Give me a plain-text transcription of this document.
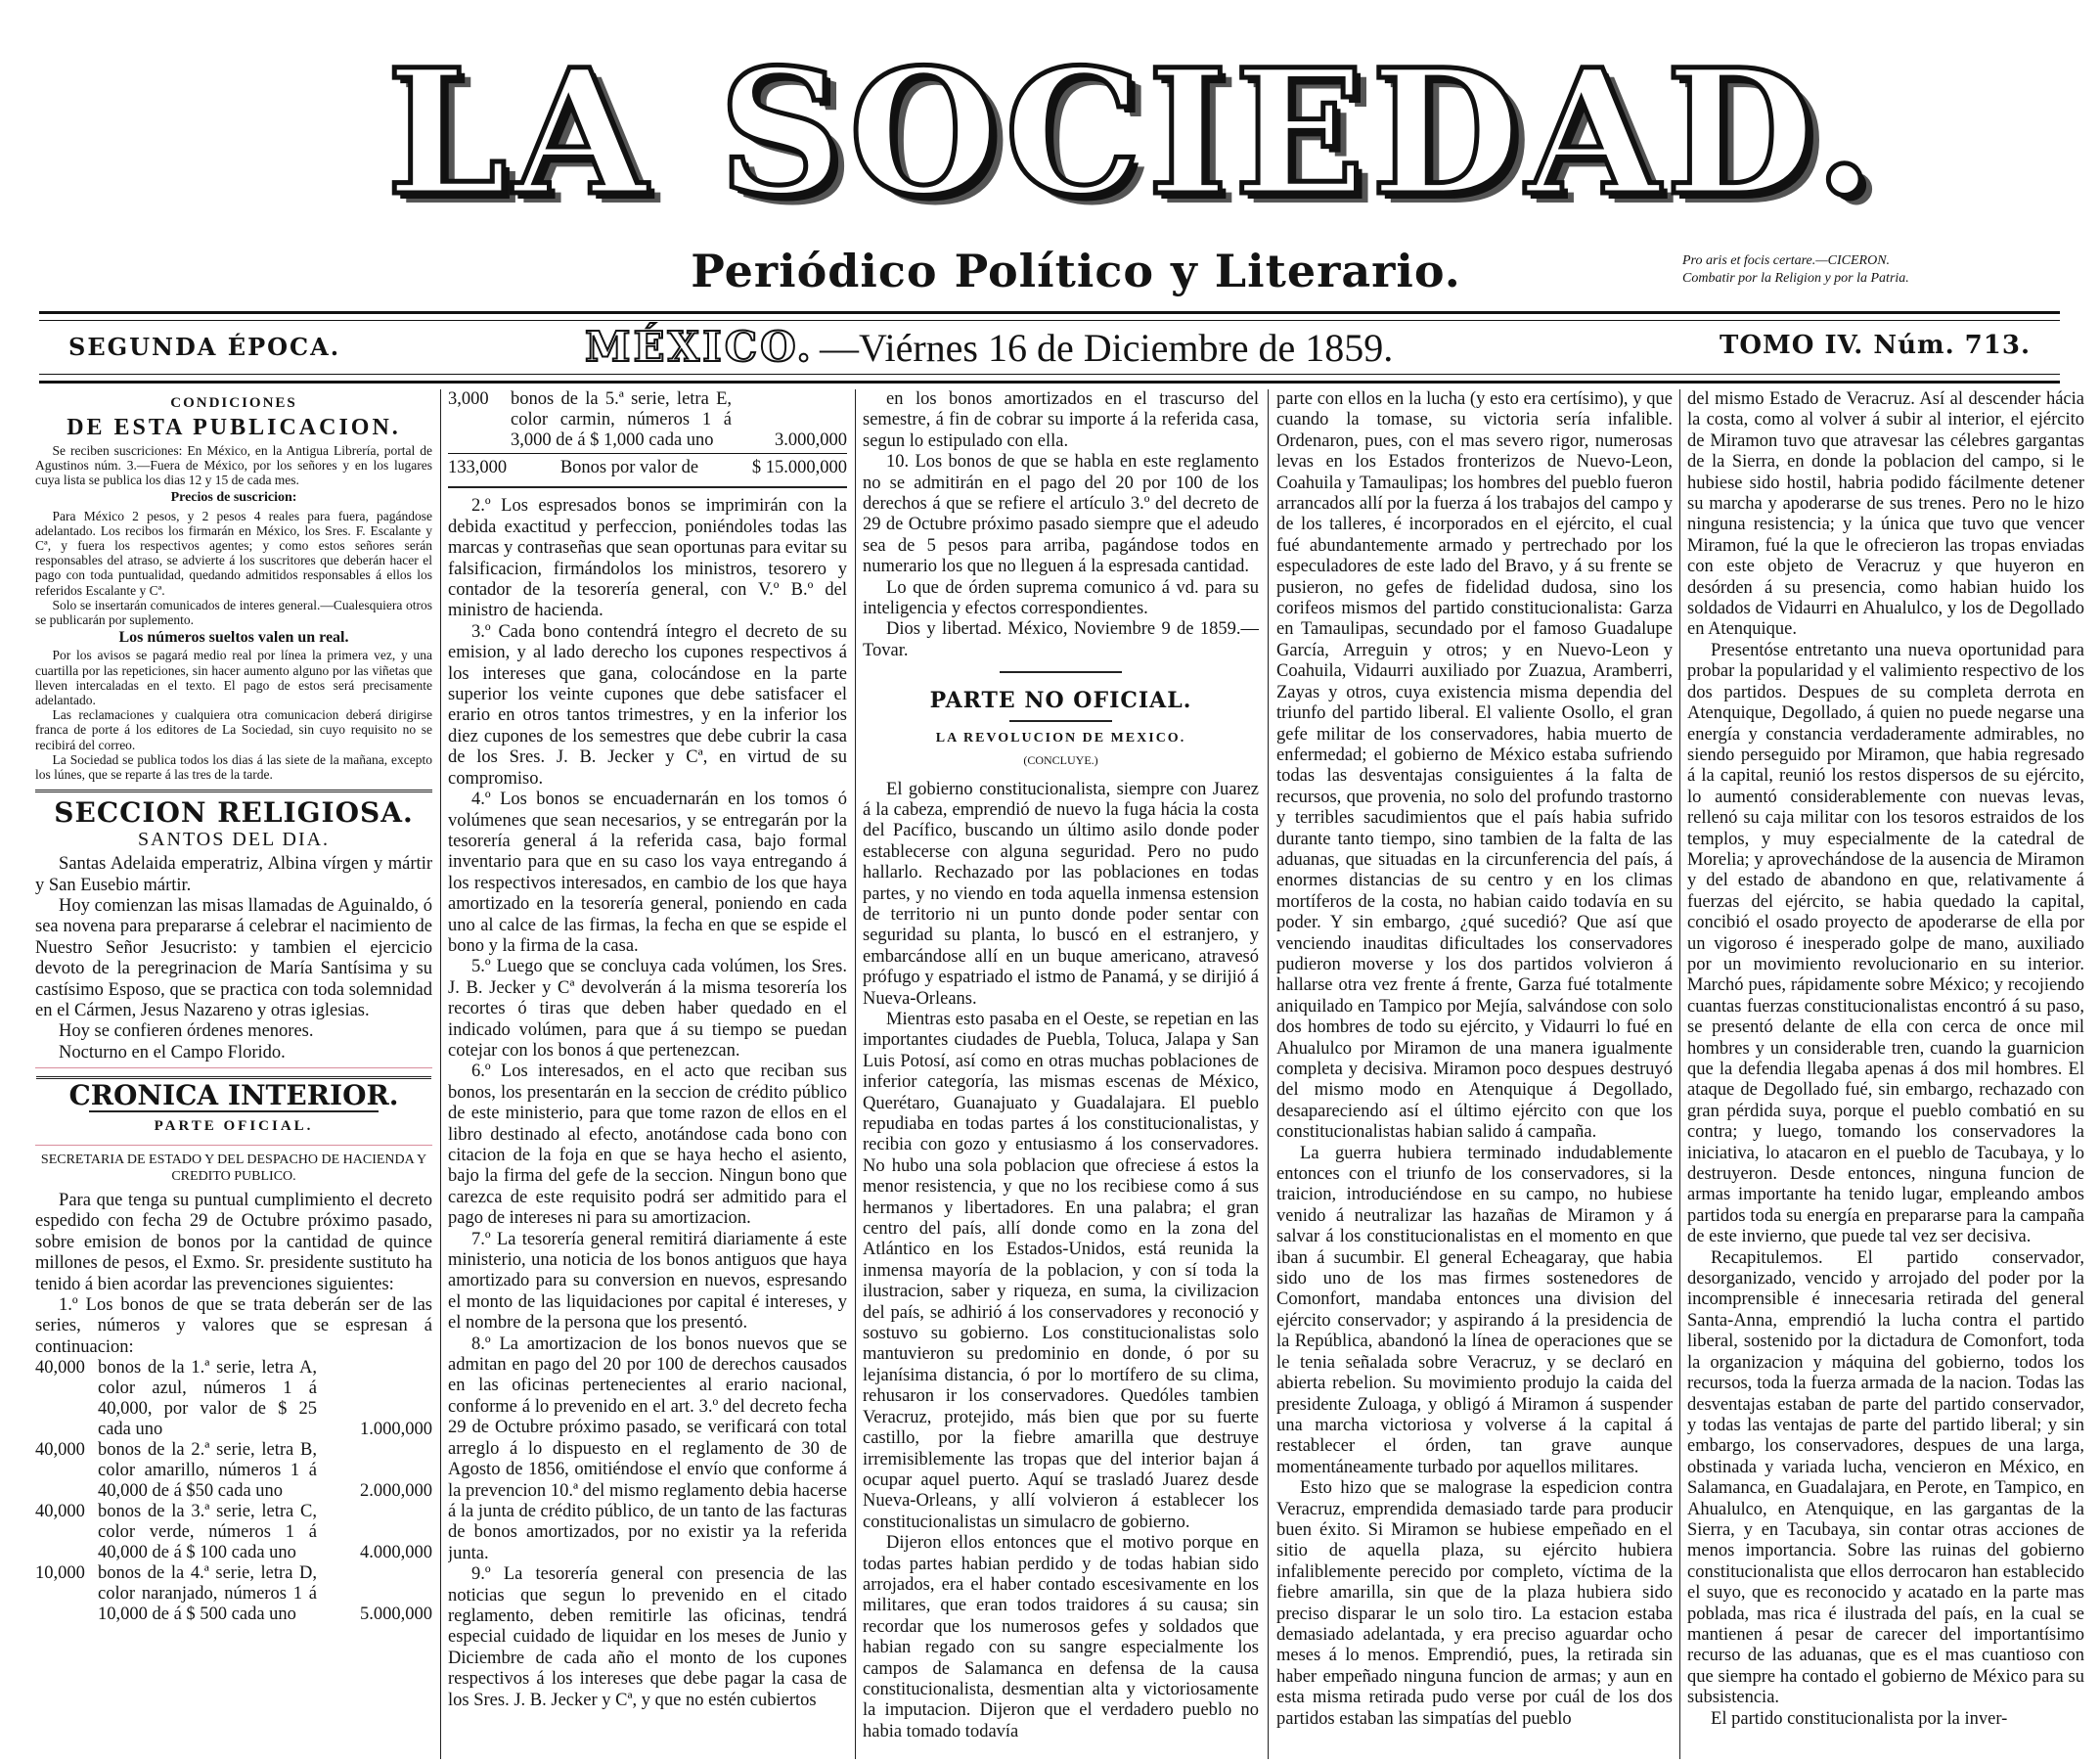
LA SOCIEDAD.
Periódico Político y Literario.	Pro aris et focis certare.—CICERON.
Combatir por la Religion y por la Patria.
SEGUNDA ÉPOCA.	MÉXICO. —Viérnes 16 de Diciembre de 1859.	TOMO IV. Núm. 713.
CONDICIONES
DE ESTA PUBLICACION.

Se reciben suscriciones: En México, en la Antigua Librería, portal de Agustinos núm. 3.—Fuera de México, por los señores y en los lugares cuya lista se publica los dias 12 y 15 de cada mes.

Precios de suscricion:

Para México 2 pesos, y 2 pesos 4 reales para fuera, pagándose adelantado. Los recibos los firmarán en México, los Sres. F. Escalante y Cª, y fuera los respectivos agentes; y como estos señores serán responsables del atraso, se advierte á los suscritores que deberán hacer el pago con toda puntualidad, quedando admitidos responsables á ellos los referidos Escalante y Cª.

Solo se insertarán comunicados de interes general.—Cualesquiera otros se publicarán por suplemento.

Los números sueltos valen un real.

Por los avisos se pagará medio real por línea la primera vez, y una cuartilla por las repeticiones, sin hacer aumento alguno por las viñetas que lleven intercaladas en el texto. El pago de estos será precisamente adelantado.

Las reclamaciones y cualquiera otra comunicacion deberá dirigirse franca de porte á los editores de La Sociedad, sin cuyo requisito no se recibirá del correo.

La Sociedad se publica todos los dias á las siete de la mañana, excepto los lúnes, que se reparte á las tres de la tarde.

SECCION RELIGIOSA.
SANTOS DEL DIA.

Santas Adelaida emperatriz, Albina vírgen y mártir y San Eusebio mártir.

Hoy comienzan las misas llamadas de Aguinaldo, ó sea novena para prepararse á celebrar el nacimiento de Nuestro Señor Jesucristo: y tambien el ejercicio devoto de la peregrinacion de María Santísima y su castísimo Esposo, que se practica con toda solemnidad en el Cármen, Jesus Nazareno y otras iglesias.

Hoy se confieren órdenes menores.

Nocturno en el Campo Florido.

CRONICA INTERIOR.
PARTE OFICIAL.
SECRETARIA DE ESTADO Y DEL DESPACHO DE HACIENDA Y CREDITO PUBLICO.

Para que tenga su puntual cumplimiento el decreto espedido con fecha 29 de Octubre próximo pasado, sobre emision de bonos por la cantidad de quince millones de pesos, el Exmo. Sr. presidente sustituto ha tenido á bien acordar las prevenciones siguientes:

1.º Los bonos de que se trata deberán ser de las series, números y valores que se espresan á continuacion:

40,000	bonos de la 1.ª serie, letra A, color azul, números 1 á 40,000, por valor de $ 25 cada uno	1.000,000
40,000	bonos de la 2.ª serie, letra B, color amarillo, números 1 á 40,000 de á $50 cada uno	2.000,000
40,000	bonos de la 3.ª serie, letra C, color verde, números 1 á 40,000 de á $ 100 cada uno	4.000,000
10,000	bonos de la 4.ª serie, letra D, color naranjado, números 1 á 10,000 de á $ 500 cada uno	5.000,000
3,000	bonos de la 5.ª serie, letra E, color carmin, números 1 á 3,000 de á $ 1,000 cada uno	3.000,000
133,000	Bonos por valor de	$ 15.000,000

2.º Los espresados bonos se imprimirán con la debida exactitud y perfeccion, poniéndoles todas las marcas y contraseñas que sean oportunas para evitar su falsificacion, firmándolos los ministros, tesorero y contador de la tesorería general, con V.º B.º del ministro de hacienda.

3.º Cada bono contendrá íntegro el decreto de su emision, y al lado derecho los cupones respectivos á los intereses que gana, colocándose en la parte superior los veinte cupones que debe satisfacer el erario en otros tantos trimestres, y en la inferior los diez cupones de los semestres que debe cubrir la casa de los Sres. J. B. Jecker y Cª, en virtud de su compromiso.

4.º Los bonos se encuadernarán en los tomos ó volúmenes que sean necesarios, y se entregarán por la tesorería general á la referida casa, bajo formal inventario para que en su caso los vaya entregando á los respectivos interesados, en cambio de los que haya amortizado en la tesorería general, poniendo en cada uno al calce de las firmas, la fecha en que se espide el bono y la firma de la casa.

5.º Luego que se concluya cada volúmen, los Sres. J. B. Jecker y Cª devolverán á la misma tesorería los recortes ó tiras que deben haber quedado en el indicado volúmen, para que á su tiempo se puedan cotejar con los bonos á que pertenezcan.

6.º Los interesados, en el acto que reciban sus bonos, los presentarán en la seccion de crédito público de este ministerio, para que tome razon de ellos en el libro destinado al efecto, anotándose cada bono con citacion de la foja en que se haya hecho el asiento, bajo la firma del gefe de la seccion. Ningun bono que carezca de este requisito podrá ser admitido para el pago de intereses ni para su amortizacion.

7.º La tesorería general remitirá diariamente á este ministerio, una noticia de los bonos antiguos que haya amortizado para su conversion en nuevos, espresando el monto de las liquidaciones por capital é intereses, y el nombre de la persona que los presentó.

8.º La amortizacion de los bonos nuevos que se admitan en pago del 20 por 100 de derechos causados en las oficinas pertenecientes al erario nacional, conforme á lo prevenido en el art. 3.º del decreto fecha 29 de Octubre próximo pasado, se verificará con total arreglo á lo dispuesto en el reglamento de 30 de Agosto de 1856, omitiéndose el envío que conforme á la prevencion 10.ª del mismo reglamento debia hacerse á la junta de crédito público, de un tanto de las facturas de bonos amortizados, por no existir ya la referida junta.

9.º La tesorería general con presencia de las noticias que segun lo prevenido en el citado reglamento, deben remitirle las oficinas, tendrá especial cuidado de liquidar en los meses de Junio y Diciembre de cada año el monto de los cupones respectivos á los intereses que debe pagar la casa de los Sres. J. B. Jecker y Cª, y que no estén cubiertos

en los bonos amortizados en el trascurso del semestre, á fin de cobrar su importe á la referida casa, segun lo estipulado con ella.

10. Los bonos de que se habla en este reglamento no se admitirán en el pago del 20 por 100 de los derechos á que se refiere el artículo 3.º del decreto de 29 de Octubre próximo pasado siempre que el adeudo sea de 5 pesos para arriba, pagándose todos en numerario los que no lleguen á la espresada cantidad.

Lo que de órden suprema comunico á vd. para su inteligencia y efectos correspondientes.

Dios y libertad. México, Noviembre 9 de 1859.—Tovar.

PARTE NO OFICIAL.
LA REVOLUCION DE MEXICO.
(CONCLUYE.)

El gobierno constitucionalista, siempre con Juarez á la cabeza, emprendió de nuevo la fuga hácia la costa del Pacífico, buscando un último asilo donde poder establecerse con alguna seguridad. Pero no pudo hallarlo. Rechazado por las poblaciones en todas partes, y no viendo en toda aquella inmensa estension de territorio ni un punto donde poder sentar con seguridad su planta, lo buscó en el estranjero, y embarcándose allí en un buque americano, atravesó prófugo y espatriado el istmo de Panamá, y se dirijió á Nueva-Orleans.

Mientras esto pasaba en el Oeste, se repetian en las importantes ciudades de Puebla, Toluca, Jalapa y San Luis Potosí, así como en otras muchas poblaciones de inferior categoría, las mismas escenas de México, Querétaro, Guanajuato y Guadalajara. El pueblo repudiaba en todas partes á los constitucionalistas, y recibia con gozo y entusiasmo á los conservadores. No hubo una sola poblacion que ofreciese á estos la menor resistencia, y que no los recibiese como á sus hermanos y libertadores. En una palabra; el gran centro del país, allí donde como en la zona del Atlántico en los Estados-Unidos, está reunida la inmensa mayoría de la poblacion, y con sí toda la ilustracion, saber y riqueza, en suma, la civilizacion del país, se adhirió á los conservadores y reconoció y sostuvo su gobierno. Los constitucionalistas solo mantuvieron su predominio en donde, ó por su lejanísima distancia, ó por lo mortífero de su clima, rehusaron ir los conservadores. Quedóles tambien Veracruz, protejido, más bien que por su fuerte castillo, por la fiebre amarilla que destruye irremisiblemente las tropas que del interior bajan á ocupar aquel puerto. Aquí se trasladó Juarez desde Nueva-Orleans, y allí volvieron á establecer los constitucionalistas un simulacro de gobierno.

Dijeron ellos entonces que el motivo porque en todas partes habian perdido y de todas habian sido arrojados, era el haber contado escesivamente en los militares, que eran todos traidores á su causa; sin recordar que los numerosos gefes y soldados que habian regado con su sangre especialmente los campos de Salamanca en defensa de la causa constitucionalista, desmentian alta y victoriosamente la imputacion. Dijeron que el verdadero pueblo no habia tomado todavía

parte con ellos en la lucha (y esto era certísimo), y que cuando la tomase, su victoria sería infalible. Ordenaron, pues, con el mas severo rigor, numerosas levas en los Estados fronterizos de Nuevo-Leon, Coahuila y Tamaulipas; los hombres del pueblo fueron arrancados allí por la fuerza á los trabajos del campo y de los talleres, é incorporados en el ejército, el cual fué abundantemente armado y pertrechado por los especuladores de este lado del Bravo, y á su frente se pusieron, no gefes de fidelidad dudosa, sino los corifeos mismos del partido constitucionalista: Garza en Tamaulipas, secundado por el famoso Guadalupe García, Arreguin y otros; y en Nuevo-Leon y Coahuila, Vidaurri auxiliado por Zuazua, Aramberri, Zayas y otros, cuya existencia misma dependia del triunfo del partido liberal. El valiente Osollo, el gran gefe militar de los conservadores, habia muerto de enfermedad; el gobierno de México estaba sufriendo todas las desventajas consiguientes á la falta de recursos, que provenia, no solo del profundo trastorno y terribles sacudimientos que el país habia sufrido durante tanto tiempo, sino tambien de la falta de las aduanas, que situadas en la circunferencia del país, á enormes distancias de su centro y en los climas mortíferos de la costa, no habian caido todavía en su poder. Y sin embargo, ¿qué sucedió? Que así que venciendo inauditas dificultades los conservadores pudieron moverse y los dos partidos volvieron á hallarse otra vez frente á frente, Garza fué totalmente aniquilado en Tampico por Mejía, salvándose con solo dos hombres de todo su ejército, y Vidaurri lo fué en Ahualulco por Miramon de una manera igualmente completa y decisiva. Miramon poco despues destruyó del mismo modo en Atenquique á Degollado, desapareciendo así el último ejército con que los constitucionalistas habian salido á campaña.

La guerra hubiera terminado indudablemente entonces con el triunfo de los conservadores, si la traicion, introduciéndose en su campo, no hubiese venido á neutralizar las hazañas de Miramon y á salvar á los constitucionalistas en el momento en que iban á sucumbir. El general Echeagaray, que habia sido uno de los mas firmes sostenedores de Comonfort, mandaba entonces una division del ejército conservador; y aspirando á la presidencia de la República, abandonó la línea de operaciones que se le tenia señalada sobre Veracruz, y se declaró en abierta rebelion. Su movimiento produjo la caida del presidente Zuloaga, y obligó á Miramon á suspender una marcha victoriosa y volverse á la capital á restablecer el órden, tan grave aunque momentáneamente turbado por aquellos militares.

Esto hizo que se malograse la espedicion contra Veracruz, emprendida demasiado tarde para producir buen éxito. Si Miramon se hubiese empeñado en el sitio de aquella plaza, su ejército hubiera infaliblemente perecido por completo, víctima de la fiebre amarilla, sin que de la plaza hubiera sido preciso disparar le un solo tiro. La estacion estaba demasiado adelantada, y era preciso aguardar ocho meses á lo menos. Emprendió, pues, la retirada sin haber empeñado ninguna funcion de armas; y aun en esta misma retirada pudo verse por cuál de los dos partidos estaban las simpatías del pueblo

del mismo Estado de Veracruz. Así al descender hácia la costa, como al volver á subir al interior, el ejército de Miramon tuvo que atravesar las célebres gargantas de la Sierra, en donde la poblacion del campo, si le hubiese sido hostil, habria podido fácilmente detener su marcha y apoderarse de sus trenes. Pero no le hizo ninguna resistencia; y la única que tuvo que vencer Miramon, fué la que le ofrecieron las tropas enviadas con este objeto de Veracruz y que huyeron en desórden á su presencia, como habian huido los soldados de Vidaurri en Ahualulco, y los de Degollado en Atenquique.

Presentóse entretanto una nueva oportunidad para probar la popularidad y el valimiento respectivo de los dos partidos. Despues de su completa derrota en Atenquique, Degollado, á quien no puede negarse una energía y constancia verdaderamente admirables, no siendo perseguido por Miramon, que habia regresado á la capital, reunió los restos dispersos de su ejército, lo aumentó considerablemente con nuevas levas, rellenó su caja militar con los tesoros estraidos de los templos, y muy especialmente de la catedral de Morelia; y aprovechándose de la ausencia de Miramon y del estado de abandono en que, relativamente á fuerzas del ejército, se habia quedado la capital, concibió el osado proyecto de apoderarse de ella por un vigoroso é inesperado golpe de mano, auxiliado por un movimiento revolucionario en su interior. Marchó pues, rápidamente sobre México; y recojiendo cuantas fuerzas constitucionalistas encontró á su paso, se presentó delante de ella con cerca de once mil hombres y un considerable tren, cuando la guarnicion que la defendia llegaba apenas á dos mil hombres. El ataque de Degollado fué, sin embargo, rechazado con gran pérdida suya, porque el pueblo combatió en su contra; y luego, tomando los conservadores la iniciativa, lo atacaron en el pueblo de Tacubaya, y lo destruyeron. Desde entonces, ninguna funcion de armas importante ha tenido lugar, empleando ambos partidos toda su energía en prepararse para la campaña de este invierno, que puede tal vez ser decisiva.

Recapitulemos. El partido conservador, desorganizado, vencido y arrojado del poder por la incomprensible é innecesaria retirada del general Santa-Anna, emprendió la lucha contra el partido liberal, sostenido por la dictadura de Comonfort, toda la organizacion y máquina del gobierno, todos los recursos, toda la fuerza armada de la nacion. Todas las desventajas estaban de parte del partido conservador, y todas las ventajas de parte del partido liberal; y sin embargo, los conservadores, despues de una larga, obstinada y variada lucha, vencieron en México, en Salamanca, en Guadalajara, en Perote, en Tampico, en Ahualulco, en Atenquique, en las gargantas de la Sierra, y en Tacubaya, sin contar otras acciones de menos importancia. Sobre las ruinas del gobierno constitucionalista que ellos derrocaron han establecido el suyo, que es reconocido y acatado en la parte mas poblada, mas rica é ilustrada del país, en la cual se mantienen á pesar de carecer del importantísimo recurso de las aduanas, que es el mas cuantioso con que siempre ha contado el gobierno de México para su subsistencia.

El partido constitucionalista por la inver-
